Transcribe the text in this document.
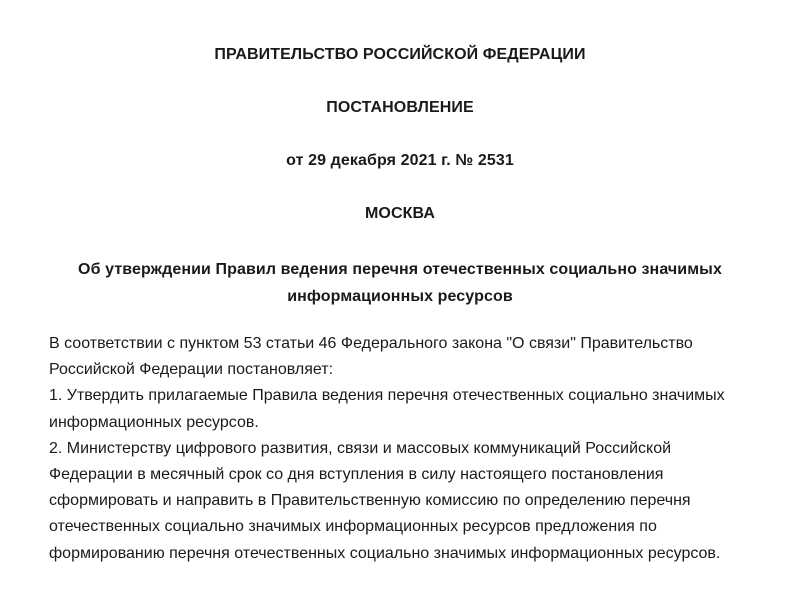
ПРАВИТЕЛЬСТВО РОССИЙСКОЙ ФЕДЕРАЦИИ
ПОСТАНОВЛЕНИЕ
от 29 декабря 2021 г. № 2531
МОСКВА
Об утверждении Правил ведения перечня отечественных социально значимых
информационных ресурсов

В соответствии с пунктом 53 статьи 46 Федерального закона "О связи" Правительство Российской Федерации постановляет:

1. Утвердить прилагаемые Правила ведения перечня отечественных социально значимых информационных ресурсов.

2. Министерству цифрового развития, связи и массовых коммуникаций Российской Федерации в месячный срок со дня вступления в силу настоящего постановления сформировать и направить в Правительственную комиссию по определению перечня отечественных социально значимых информационных ресурсов предложения по формированию перечня отечественных социально значимых информационных ресурсов.
